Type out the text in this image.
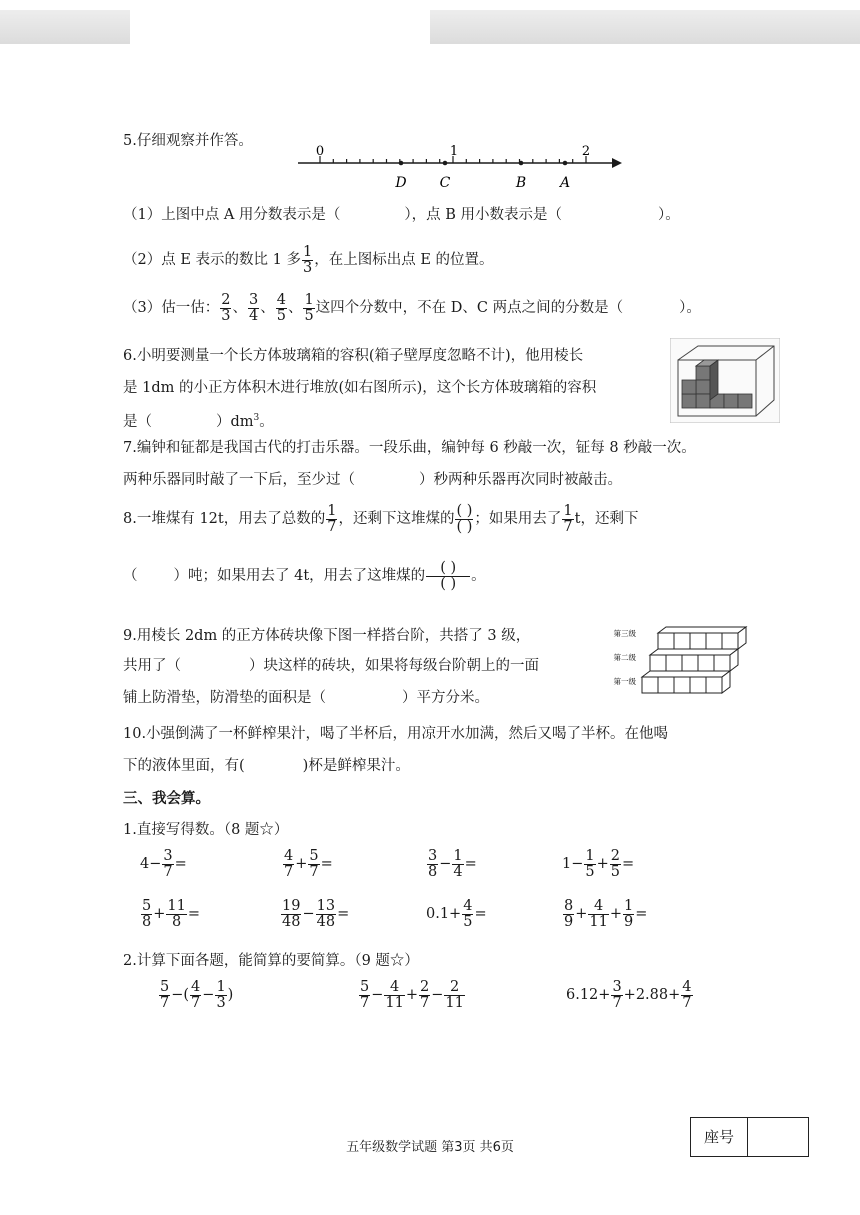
5.仔细观察并作答。
0	1	2
D C	B A
（1）上图中点 A 用分数表示是（	），点 B 用小数表示是（	）。
（2）点 E 表示的数比 1 多 $\frac{1}{3}$ ，在上图标出点 E 的位置。
（3）估一估： $\frac{2}{3}$ 、 $\frac{3}{4}$ 、 $\frac{4}{5}$ 、 $\frac{1}{5}$ 这四个分数中，不在 D、C 两点之间的分数是（	）。
6.小明要测量一个长方体玻璃箱的容积(箱子壁厚度忽略不计)，他用棱长
是 1dm 的小正方体积木进行堆放(如右图所示)，这个长方体玻璃箱的容积
是（	）$dm^3$。
7.编钟和钲都是我国古代的打击乐器。一段乐曲，编钟每 6 秒敲一次，钲每 8 秒敲一次。
两种乐器同时敲了一下后，至少过（	）秒两种乐器再次同时被敲击。
8.一堆煤有 12t，用去了总数的 $\frac{1}{7}$ ，还剩下这堆煤的 $\frac{( )}{( )}$ ；如果用去了 $\frac{1}{7}$ t，还剩下
（ ）吨；如果用去了 4t，用去了这堆煤的 $\frac{( )}{( )}$ 。
9.用棱长 2dm 的正方体砖块像下图一样搭台阶，共搭了 3 级，
共用了（	）块这样的砖块，如果将每级台阶朝上的一面
铺上防滑垫，防滑垫的面积是（	）平方分米。
第三级
第二级
第一级
10.小强倒满了一杯鲜榨果汁，喝了半杯后，用凉开水加满，然后又喝了半杯。在他喝
下的液体里面，有(	)杯是鲜榨果汁。
三、我会算。
1.直接写得数。（8 题☆）
$4- \frac{3}{7}$ =	$\frac{4}{7} + \frac{5}{7}$ =	$\frac{3}{8} - \frac{1}{4}$ =	$1- \frac{1}{5} + \frac{2}{5}$ =
$\frac{5}{8} + \frac{11}{8}$ =	$\frac{19}{48} - \frac{13}{48}$ =	$0.1+ \frac{4}{5}$ =	$\frac{8}{9} + \frac{4}{11} + \frac{1}{9}$ =
2.计算下面各题，能简算的要简算。（9 题☆）
$\frac{5}{7}$ −( $\frac{4}{7} - \frac{1}{3}$ )	$\frac{5}{7} - \frac{4}{11} + \frac{2}{7} - \frac{2}{11}$	$6.12+ \frac{3}{7} +2.88+ \frac{4}{7}$
五年级数学试题 第3页 共6页
座号
